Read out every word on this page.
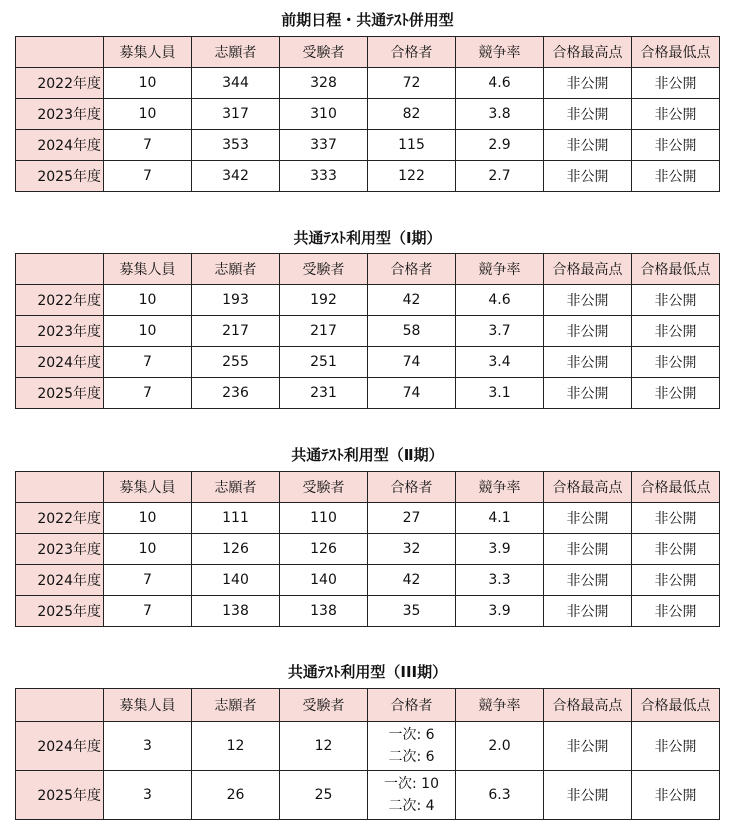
前期日程・共通ﾃｽﾄ併用型
	募集人員	志願者	受験者	合格者	競争率	合格最高点	合格最低点
2022年度	10	344	328	72	4.6	非公開	非公開
2023年度	10	317	310	82	3.8	非公開	非公開
2024年度	7	353	337	115	2.9	非公開	非公開
2025年度	7	342	333	122	2.7	非公開	非公開
共通ﾃｽﾄ利用型（Ⅰ期）
	募集人員	志願者	受験者	合格者	競争率	合格最高点	合格最低点
2022年度	10	193	192	42	4.6	非公開	非公開
2023年度	10	217	217	58	3.7	非公開	非公開
2024年度	7	255	251	74	3.4	非公開	非公開
2025年度	7	236	231	74	3.1	非公開	非公開
共通ﾃｽﾄ利用型（Ⅱ期）
	募集人員	志願者	受験者	合格者	競争率	合格最高点	合格最低点
2022年度	10	111	110	27	4.1	非公開	非公開
2023年度	10	126	126	32	3.9	非公開	非公開
2024年度	7	140	140	42	3.3	非公開	非公開
2025年度	7	138	138	35	3.9	非公開	非公開
共通ﾃｽﾄ利用型（III期）
	募集人員	志願者	受験者	合格者	競争率	合格最高点	合格最低点
2024年度	3	12	12	一次: 6
二次: 6	2.0	非公開	非公開
2025年度	3	26	25	一次: 10
二次: 4	6.3	非公開	非公開
